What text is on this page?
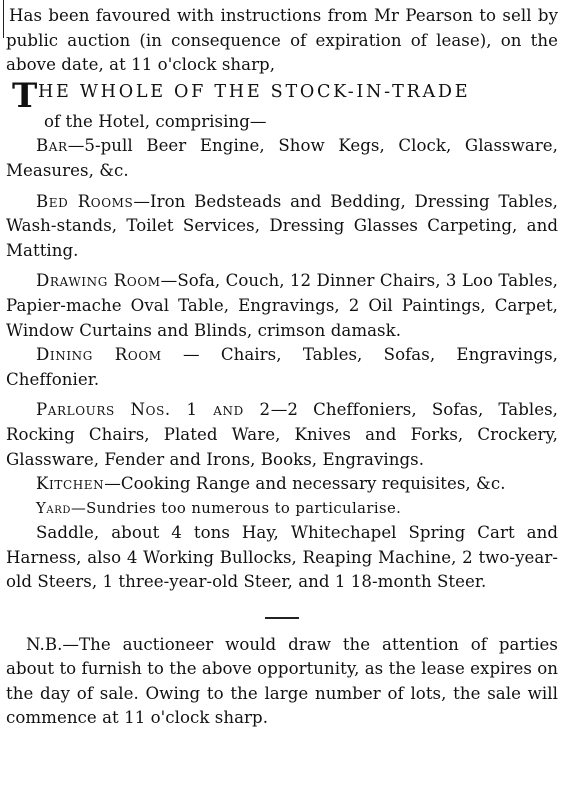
Has been favoured with instructions from Mr Pearson to sell by public auction (in consequence of expiration of lease), on the above date, at 11 o'clock sharp,

T HE WHOLE OF THE STOCK-IN-TRADE

of the Hotel, comprising—

Bar—5-pull Beer Engine, Show Kegs, Clock, Glassware, Measures, &c.

Bed Rooms—Iron Bedsteads and Bedding, Dressing Tables, Wash-stands, Toilet Services, Dressing Glasses Carpeting, and Matting.

Drawing Room—Sofa, Couch, 12 Dinner Chairs, 3 Loo Tables, Papier-mache Oval Table, Engravings, 2 Oil Paintings, Carpet, Window Curtains and Blinds, crimson damask.

Dining Room — Chairs, Tables, Sofas, Engravings, Cheffonier.

Parlours Nos. 1 and 2—2 Cheffoniers, Sofas, Tables, Rocking Chairs, Plated Ware, Knives and Forks, Crockery, Glassware, Fender and Irons, Books, Engravings.

Kitchen—Cooking Range and necessary requisites, &c.

Yard—Sundries too numerous to particularise.

Saddle, about 4 tons Hay, Whitechapel Spring Cart and Harness, also 4 Working Bullocks, Reaping Machine, 2 two-year-old Steers, 1 three-year-old Steer, and 1 18-month Steer.

N.B.—The auctioneer would draw the attention of parties about to furnish to the above opportunity, as the lease expires on the day of sale. Owing to the large number of lots, the sale will commence at 11 o'clock sharp.
